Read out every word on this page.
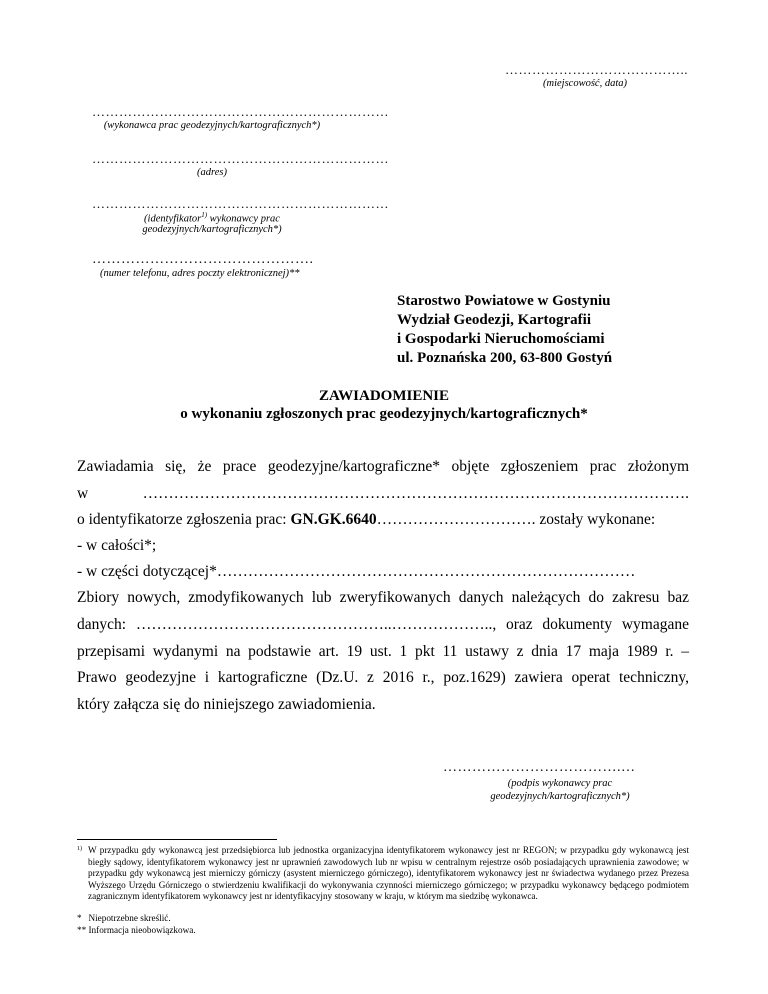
…………………………………..
(miejscowość, data)
…………………………………………………………
(wykonawca prac geodezyjnych/kartograficznych*)
…………………………………………………………
(adres)
…………………………………………………………
(identyfikator$^{1)}$ wykonawcy prac
geodezyjnych/kartograficznych*)
……………………………………….
(numer telefonu, adres poczty elektronicznej)**
Starostwo Powiatowe w Gostyniu
Wydział Geodezji, Kartografii
i Gospodarki Nieruchomościami
ul. Poznańska 200, 63-800 Gostyń
ZAWIADOMIENIE
o wykonaniu zgłoszonych prac geodezyjnych/kartograficznych*
Zawiadamia się, że prace geodezyjne/kartograficzne* objęte zgłoszeniem prac złożonym
w	…………………………………………………………………………………………….
o identyfikatorze zgłoszenia prac: GN.GK.6640…………………………. zostały wykonane:
- w całości*;
- w części dotyczącej*………………………………………………………………………
Zbiory nowych, zmodyfikowanych lub zweryfikowanych danych należących do zakresu baz
danych: …………………………………………..……………….., oraz dokumenty wymagane
przepisami wydanymi na podstawie art. 19 ust. 1 pkt 11 ustawy z dnia 17 maja 1989 r. –
Prawo geodezyjne i kartograficzne (Dz.U. z 2016 r., poz.1629) zawiera operat techniczny,
który załącza się do niniejszego zawiadomienia.
……………………………….…
(podpis wykonawcy prac
geodezyjnych/kartograficznych*)
1) W przypadku gdy wykonawcą jest przedsiębiorca lub jednostka organizacyjna identyfikatorem wykonawcy jest nr REGON; w przypadku gdy wykonawcą jest biegły sądowy, identyfikatorem wykonawcy jest nr uprawnień zawodowych lub nr wpisu w centralnym rejestrze osób posiadających uprawnienia zawodowe; w przypadku gdy wykonawcą jest mierniczy górniczy (asystent mierniczego górniczego), identyfikatorem wykonawcy jest nr świadectwa wydanego przez Prezesa Wyższego Urzędu Górniczego o stwierdzeniu kwalifikacji do wykonywania czynności mierniczego górniczego; w przypadku wykonawcy będącego podmiotem zagranicznym identyfikatorem wykonawcy jest nr identyfikacyjny stosowany w kraju, w którym ma siedzibę wykonawca.
*   Niepotrzebne skreślić.
** Informacja nieobowiązkowa.
